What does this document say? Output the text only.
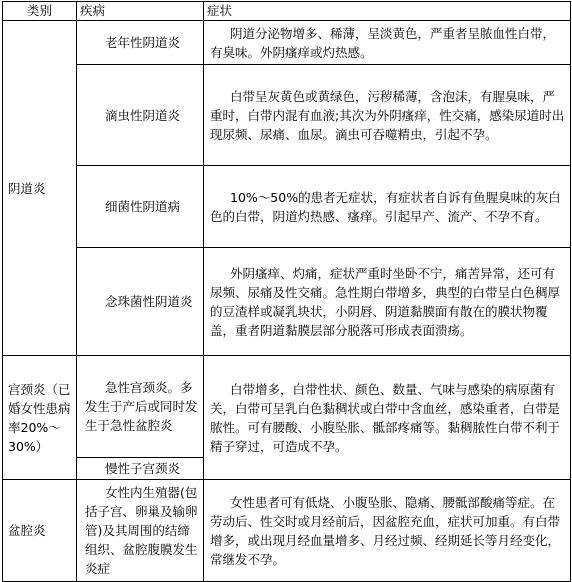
类别	疾病	症状
阴道炎	老年性阴道炎	阴道分泌物增多、稀薄，呈淡黄色，严重者呈脓血性白带，有臭味。外阴瘙痒或灼热感。

	滴虫性阴道炎	白带呈灰黄色或黄绿色，污秽稀薄，含泡沫，有腥臭味，严重时，白带内混有血液;其次为外阴瘙痒，性交痛，感染尿道时出现尿频、尿痛、血尿。滴虫可吞噬精虫，引起不孕。

	细菌性阴道病	10%～50%的患者无症状，有症状者自诉有鱼腥臭味的灰白色的白带，阴道灼热感、瘙痒。引起早产、流产、不孕不育。

	念珠菌性阴道炎	外阴瘙痒、灼痛，症状严重时坐卧不宁，痛苦异常，还可有尿频、尿痛及性交痛。急性期白带增多，典型的白带呈白色稠厚的豆渣样或凝乳块状，小阴唇、阴道黏膜面有散在的膜状物覆盖，重者阴道黏膜层部分脱落可形成表面溃疡。

宫颈炎（已婚女性患病率20%～30%）	急性宫颈炎。多发生于产后或同时发生于急性盆腔炎	白带增多，白带性状、颜色、数量、气味与感染的病原菌有关，白带可呈乳白色黏稠状或白带中含血丝，感染重者，白带是脓性。可有腰酸、小腹坠胀、骶部疼痛等。黏稠脓性白带不利于精子穿过，可造成不孕。

	慢性子宫颈炎	

盆腔炎	女性内生殖器(包括子宫、卵巢及输卵管)及其周围的结缔组织、盆腔腹膜发生炎症	女性患者可有低烧、小腹坠胀、隐痛、腰骶部酸痛等症。在劳动后、性交时或月经前后，因盆腔充血，症状可加重。有白带增多，或出现月经血量增多、月经过频、经期延长等月经变化，常继发不孕。
